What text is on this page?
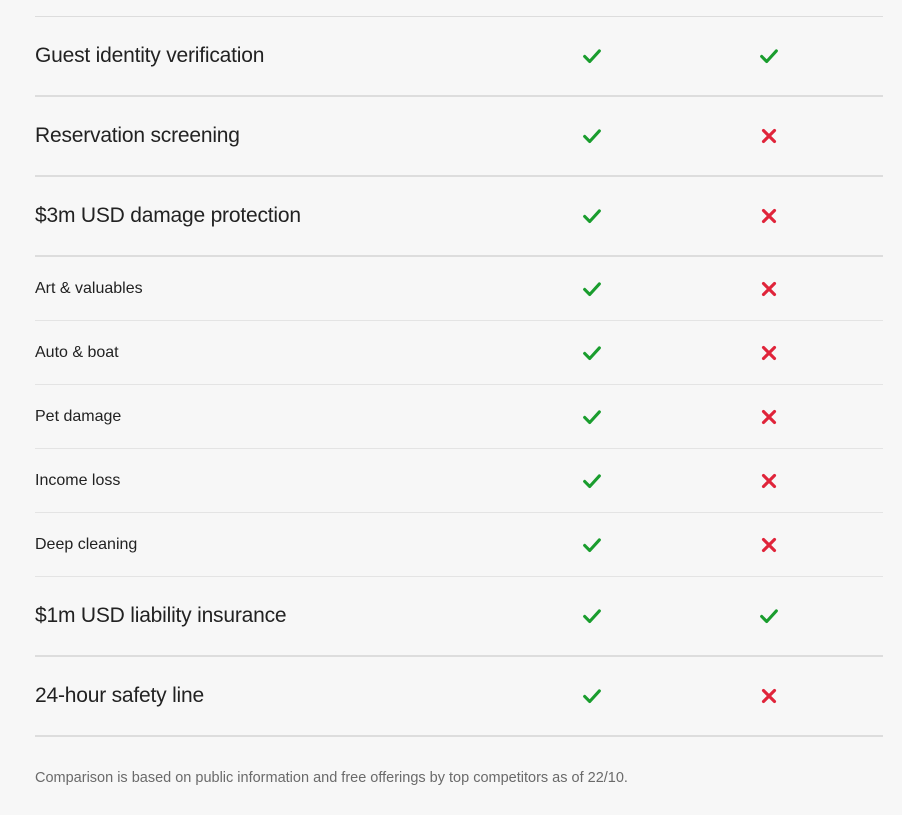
Guest identity verification
Reservation screening
$3m USD damage protection
Art & valuables
Auto & boat
Pet damage
Income loss
Deep cleaning
$1m USD liability insurance
24-hour safety line
Comparison is based on public information and free offerings by top competitors as of 22/10.
